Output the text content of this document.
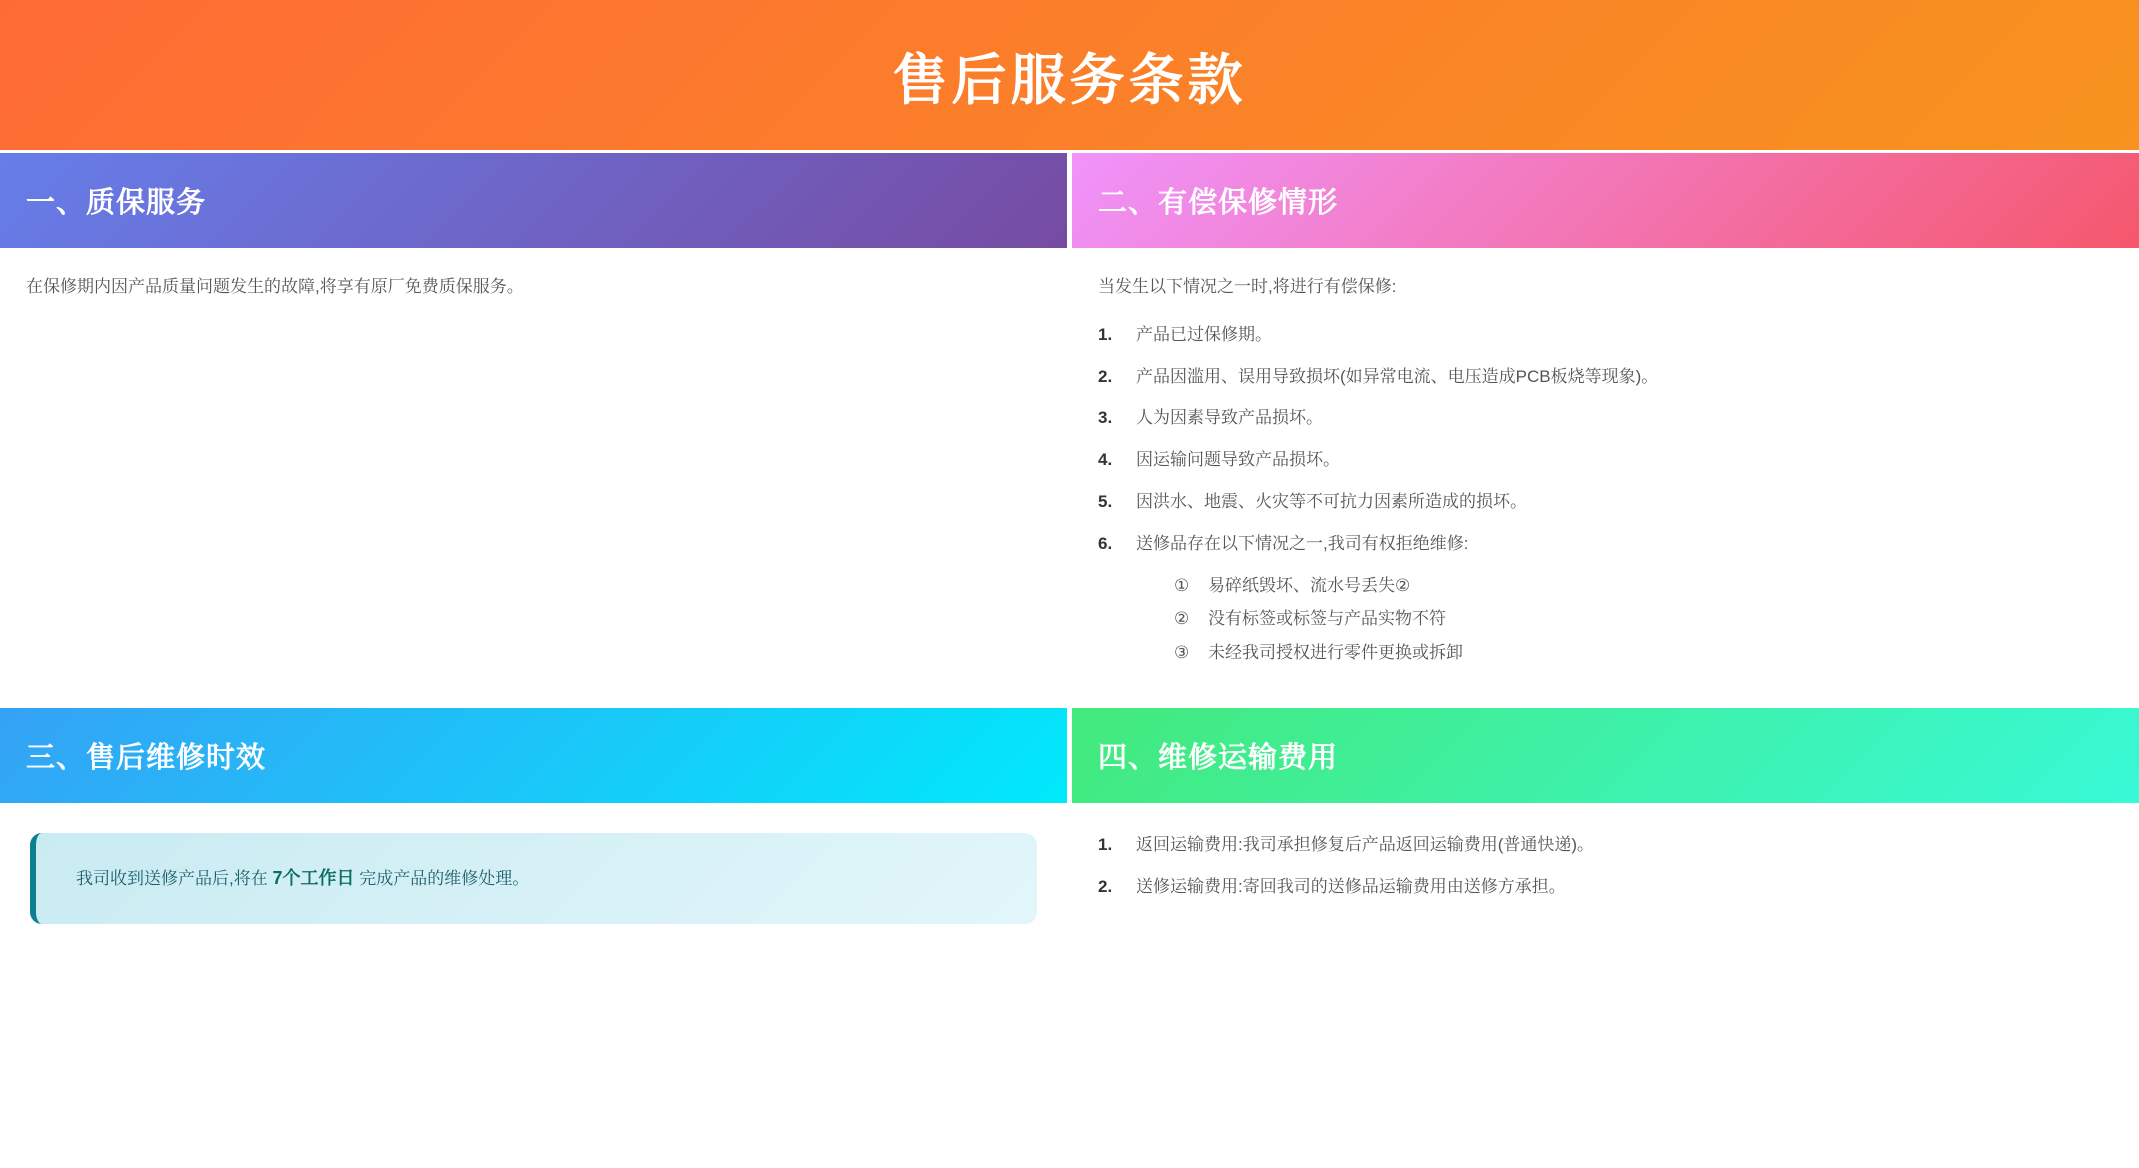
售后服务条款
一、质保服务

在保修期内因产品质量问题发生的故障,将享有原厂免费质保服务。

二、有偿保修情形

当发生以下情况之一时,将进行有偿保修:

1.	产品已过保修期。
2.	产品因滥用、误用导致损坏(如异常电流、电压造成PCB板烧等现象)。
3.	人为因素导致产品损坏。
4.	因运输问题导致产品损坏。
5.	因洪水、地震、火灾等不可抗力因素所造成的损坏。
6.	送修品存在以下情况之一,我司有权拒绝维修:
①	易碎纸毁坏、流水号丢失②
②	没有标签或标签与产品实物不符
③	未经我司授权进行零件更换或拆卸
三、售后维修时效

我司收到送修产品后,将在 7个工作日 完成产品的维修处理。

四、维修运输费用
1.	返回运输费用:我司承担修复后产品返回运输费用(普通快递)。
2.	送修运输费用:寄回我司的送修品运输费用由送修方承担。
